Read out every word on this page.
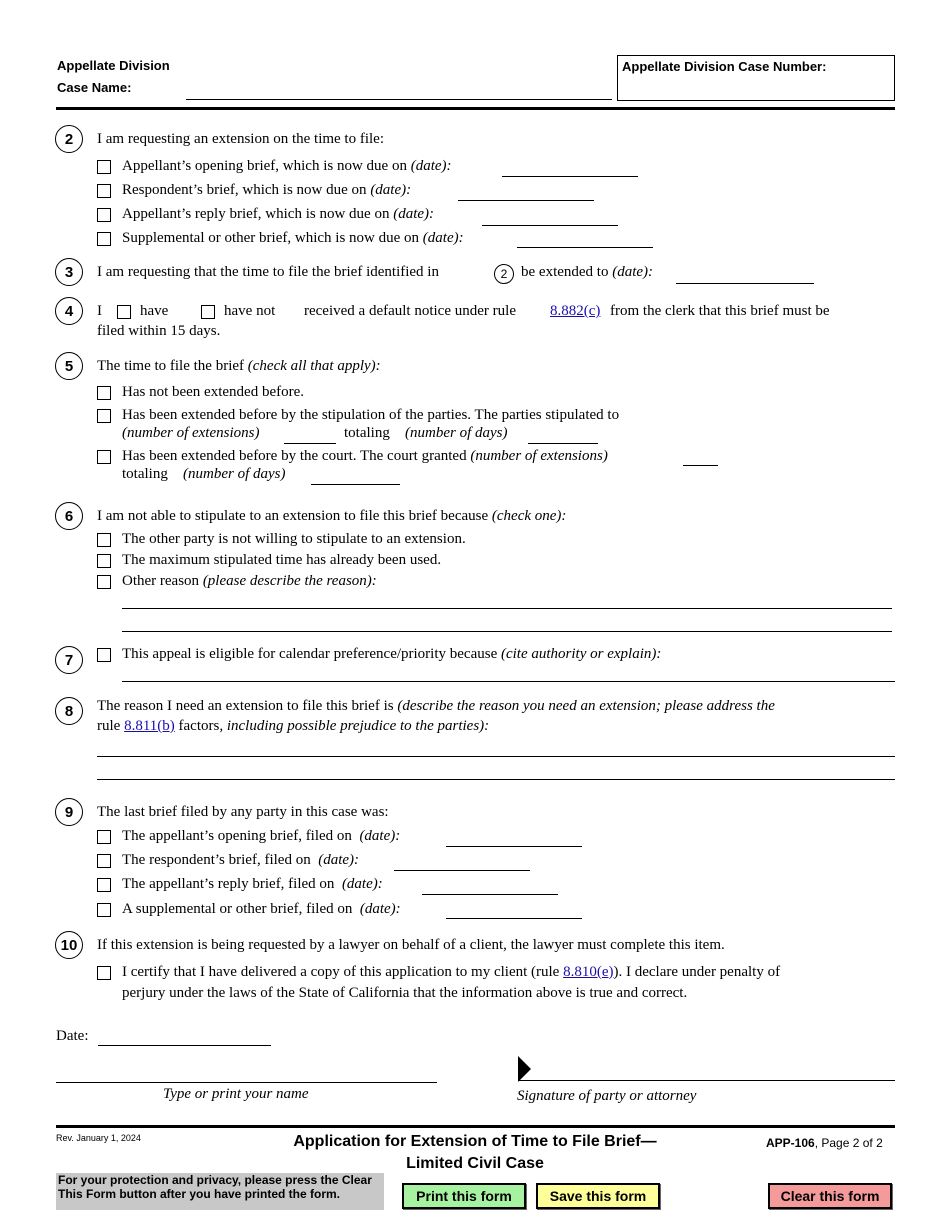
Appellate Division
Case Name:
Appellate Division Case Number:
2	I am requesting an extension on the time to file:
Appellant’s opening brief, which is now due on (date):
Respondent’s brief, which is now due on (date):
Appellant’s reply brief, which is now due on (date):
Supplemental or other brief, which is now due on (date):
3	I am requesting that the time to file the brief identified in	2 be extended to (date):
4	I	have	have not received a default notice under rule 8.882(c) from the clerk that this brief must be
filed within 15 days.
5	The time to file the brief (check all that apply):
Has not been extended before.
Has been extended before by the stipulation of the parties. The parties stipulated to
(number of extensions)	totaling (number of days)
Has been extended before by the court. The court granted (number of extensions)
totaling (number of days)
6	I am not able to stipulate to an extension to file this brief because (check one):
The other party is not willing to stipulate to an extension.
The maximum stipulated time has already been used.
Other reason (please describe the reason):
7	This appeal is eligible for calendar preference/priority because (cite authority or explain):
8	The reason I need an extension to file this brief is (describe the reason you need an extension; please address the
rule 8.811(b) factors, including possible prejudice to the parties):
9	The last brief filed by any party in this case was:
The appellant’s opening brief, filed on (date):
The respondent’s brief, filed on (date):
The appellant’s reply brief, filed on (date):
A supplemental or other brief, filed on (date):
10	If this extension is being requested by a lawyer on behalf of a client, the lawyer must complete this item.
I certify that I have delivered a copy of this application to my client (rule 8.810(e)). I declare under penalty of
perjury under the laws of the State of California that the information above is true and correct.
Date:
Type or print your name	Signature of party or attorney
Rev. January 1, 2024	Application for Extension of Time to File Brief—
Limited Civil Case
APP-106, Page 2 of 2
For your protection and privacy, please press the Clear This Form button after you have printed the form.	Print this form	Save this form	Clear this form
